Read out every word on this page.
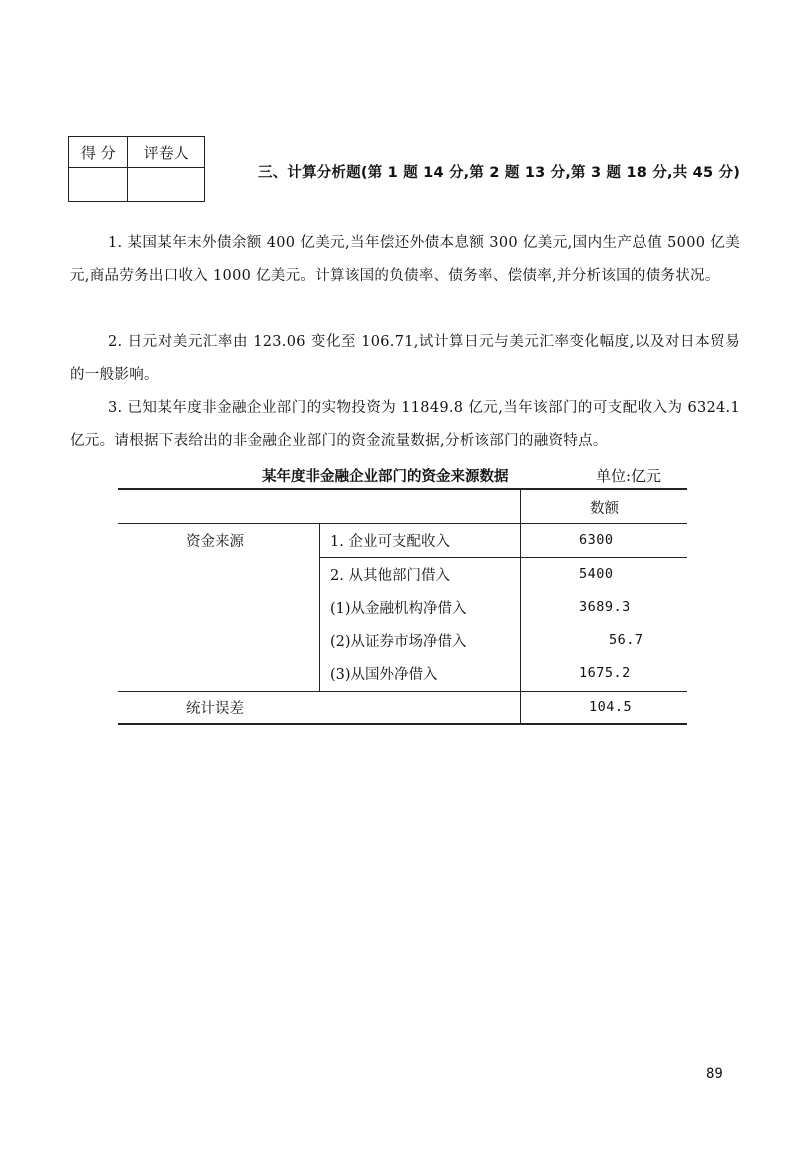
得 分	评卷人

三、计算分析题(第 1 题 14 分,第 2 题 13 分,第 3 题 18 分,共 45 分)

1. 某国某年末外债余额 400 亿美元,当年偿还外债本息额 300 亿美元,国内生产总值 5000 亿美元,商品劳务出口收入 1000 亿美元。计算该国的负债率、债务率、偿债率,并分析该国的债务状况。

2. 日元对美元汇率由 123.06 变化至 106.71,试计算日元与美元汇率变化幅度,以及对日本贸易的一般影响。

3. 已知某年度非金融企业部门的实物投资为 11849.8 亿元,当年该部门的可支配收入为 6324.1 亿元。请根据下表给出的非金融企业部门的资金流量数据,分析该部门的融资特点。

某年度非金融企业部门的资金来源数据	单位:亿元
数额
资金来源	1. 企业可支配收入	6300
2. 从其他部门借入	5400
(1)从金融机构净借入	3689.3
(2)从证券市场净借入	56.7
(3)从国外净借入	1675.2
统计误差	104.5
89
